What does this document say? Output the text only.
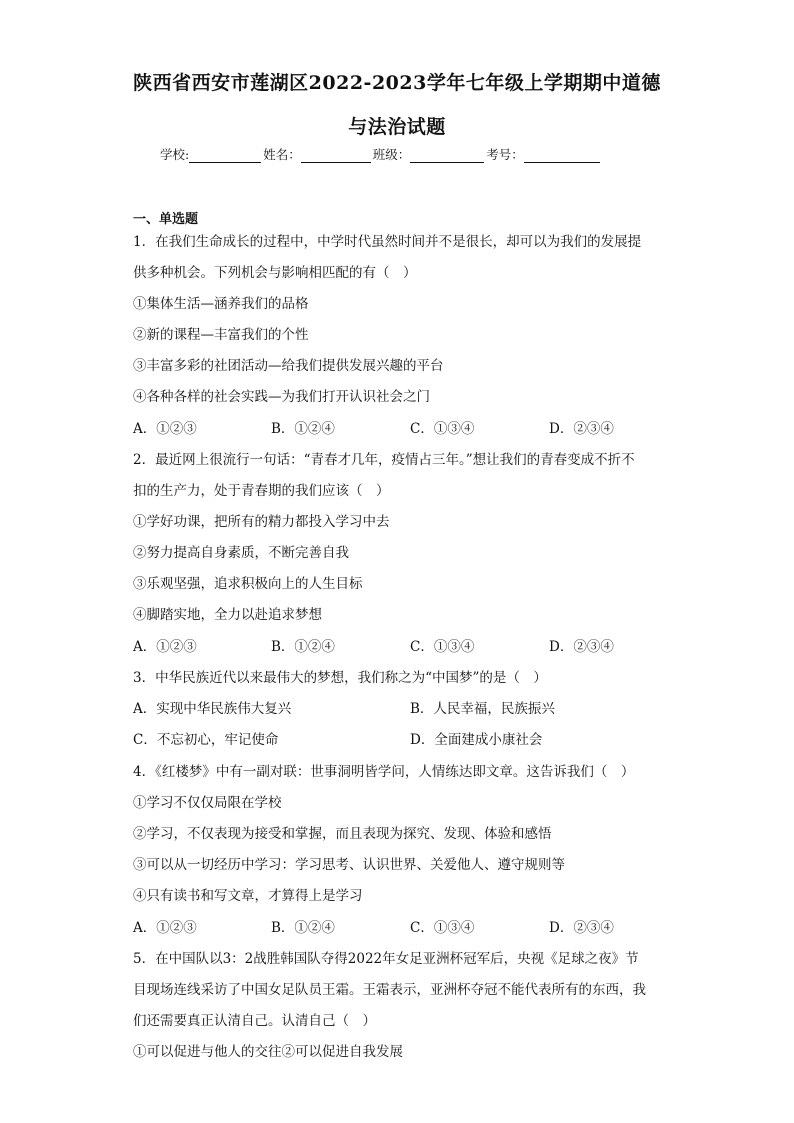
陕西省西安市莲湖区2022-2023学年七年级上学期期中道德
与法治试题
学校:	姓名：	班级：	考号：
一、单选题
1．在我们生命成长的过程中，中学时代虽然时间并不是很长，却可以为我们的发展提
供多种机会。下列机会与影响相匹配的有（　）
①集体生活—涵养我们的品格
②新的课程—丰富我们的个性
③丰富多彩的社团活动—给我们提供发展兴趣的平台
④各种各样的社会实践—为我们打开认识社会之门
A．①②③	B．①②④	C．①③④	D．②③④
2．最近网上很流行一句话：“青春才几年，疫情占三年。”想让我们的青春变成不折不
扣的生产力，处于青春期的我们应该（　）
①学好功课，把所有的精力都投入学习中去
②努力提高自身素质，不断完善自我
③乐观坚强，追求积极向上的人生目标
④脚踏实地，全力以赴追求梦想
A．①②③	B．①②④	C．①③④	D．②③④
3．中华民族近代以来最伟大的梦想，我们称之为“中国梦”的是（　）
A．实现中华民族伟大复兴	B．人民幸福，民族振兴
C．不忘初心，牢记使命	D．全面建成小康社会
4．《红楼梦》中有一副对联：世事洞明皆学问，人情练达即文章。这告诉我们（　）
①学习不仅仅局限在学校
②学习，不仅表现为接受和掌握，而且表现为探究、发现、体验和感悟
③可以从一切经历中学习：学习思考、认识世界、关爱他人、遵守规则等
④只有读书和写文章，才算得上是学习
A．①②③	B．①②④	C．①③④	D．②③④
5．在中国队以3：2战胜韩国队夺得2022年女足亚洲杯冠军后，央视《足球之夜》节
目现场连线采访了中国女足队员王霜。王霜表示，亚洲杯夺冠不能代表所有的东西，我
们还需要真正认清自己。认清自己（　）
①可以促进与他人的交往②可以促进自我发展
